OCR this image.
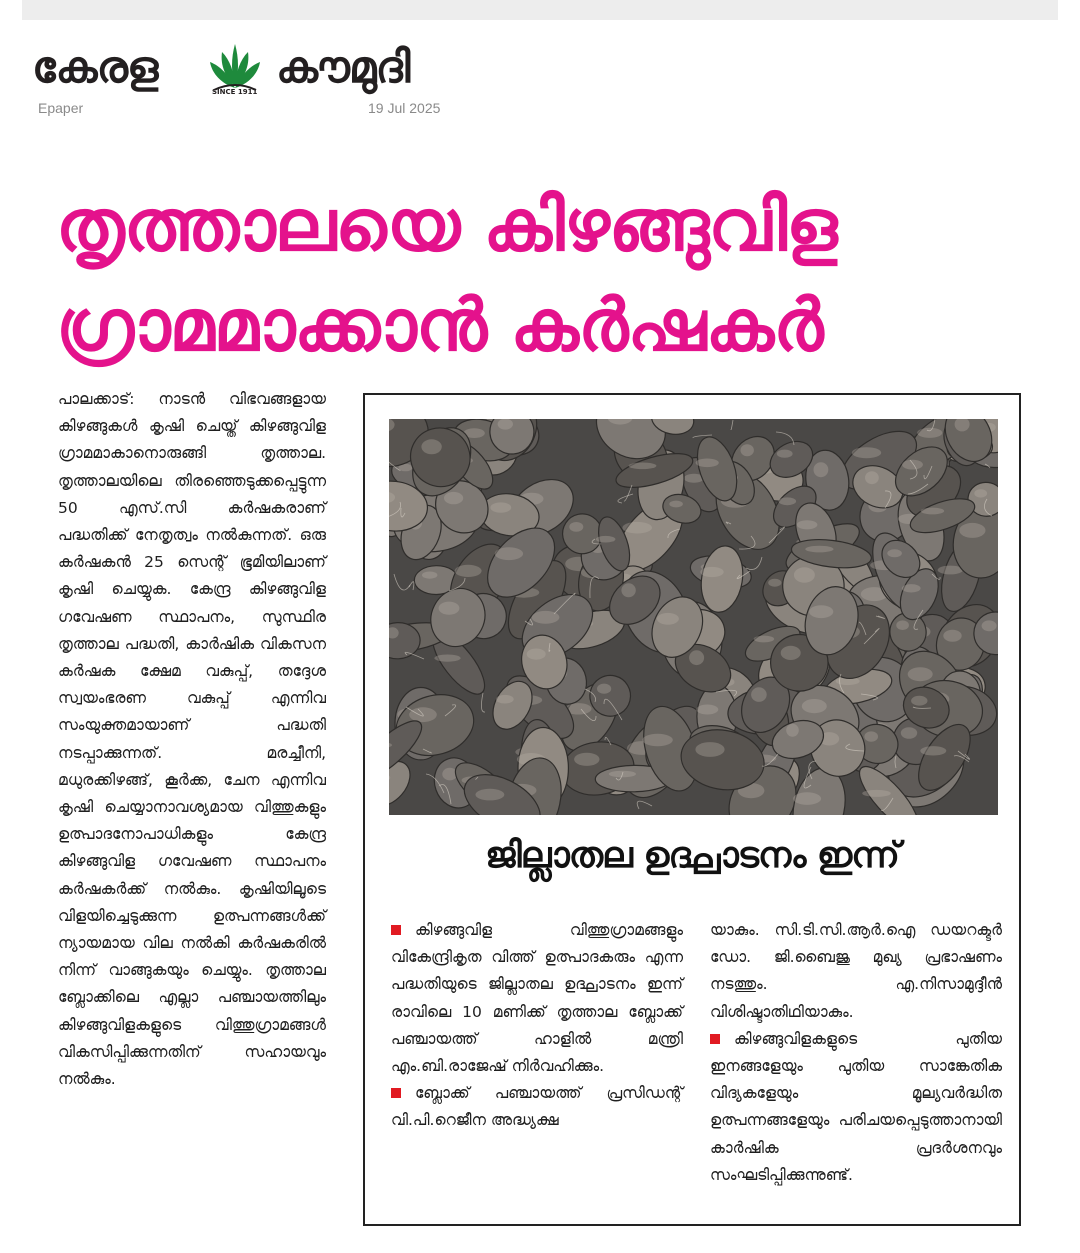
കേരള	SINCE 1911 കൗമുദി
Epaper	19 Jul 2025
തൃത്താലയെ കിഴങ്ങുവിള
ഗ്രാമമാക്കാൻ കർഷകർ
പാലക്കാട്: നാടൻ വിഭവങ്ങളായ കിഴങ്ങുകൾ കൃഷി ചെയ്ത് കിഴങ്ങുവിള ഗ്രാമമാകാനൊരുങ്ങി തൃത്താല. തൃത്താലയിലെ തിരഞ്ഞെടുക്കപ്പെട്ടുന്ന 50 എസ്.സി കർഷകരാണ് പദ്ധതിക്ക് നേതൃത്വം നൽകുന്നത്. ഒരു കർഷകൻ 25 സെന്റ് ഭൂമിയിലാണ് കൃഷി ചെയ്യുക. കേന്ദ്ര കിഴങ്ങുവിള ഗവേഷണ സ്ഥാപനം, സുസ്ഥിര തൃത്താല പദ്ധതി, കാർഷിക വികസന കർഷക ക്ഷേമ വകുപ്പ്, തദ്ദേശ സ്വയംഭരണ വകുപ്പ് എന്നിവ സംയുക്തമായാണ് പദ്ധതി നടപ്പാക്കുന്നത്. മരച്ചീനി, മധുരക്കിഴങ്ങ്, കൂർക്ക, ചേന എന്നിവ കൃഷി ചെയ്യാനാവശ്യമായ വിത്തുകളും ഉത്പാദനോപാധികളും കേന്ദ്ര കിഴങ്ങുവിള ഗവേഷണ സ്ഥാപനം കർഷകർക്ക് നൽകും. കൃഷിയിലൂടെ വിളയിച്ചെടുക്കുന്ന ഉത്പന്നങ്ങൾക്ക് ന്യായമായ വില നൽകി കർഷകരിൽ നിന്ന് വാങ്ങുകയും ചെയ്യും. തൃത്താല ബ്ലോക്കിലെ എല്ലാ പഞ്ചായത്തിലും കിഴങ്ങുവിളകളുടെ വിത്തുഗ്രാമങ്ങൾ വികസിപ്പിക്കുന്നതിന് സഹായവും നൽകും.
ജില്ലാതല ഉദ്ഘാടനം ഇന്ന്
കിഴങ്ങുവിള വിത്തുഗ്രാമങ്ങളും വികേന്ദ്രികൃത വിത്ത് ഉത്പാദകരും എന്ന പദ്ധതിയുടെ ജില്ലാതല ഉദ്ഘാടനം ഇന്ന് രാവിലെ 10 മണിക്ക് തൃത്താല ബ്ലോക്ക് പഞ്ചായത്ത് ഹാളിൽ മന്ത്രി എം.ബി.രാജേഷ് നിർവഹിക്കും.
ബ്ലോക്ക് പഞ്ചായത്ത് പ്രസിഡന്റ് വി.പി.റെജീന അദ്ധ്യക്ഷ
യാകും. സി.ടി.സി.ആർ.ഐ ഡയറക്ടർ ഡോ. ജി.ബൈജു മുഖ്യ പ്രഭാഷണം നടത്തും. എ.നിസാമുദ്ദീൻ വിശിഷ്ടാതിഥിയാകും.
കിഴങ്ങുവിളകളുടെ പുതിയ ഇനങ്ങളേയും പുതിയ സാങ്കേതിക വിദ്യകളേയും മൂല്യവർദ്ധിത ഉത്പന്നങ്ങളേയും പരിചയപ്പെടുത്താനായി കാർഷിക പ്രദർശനവും സംഘടിപ്പിക്കുന്നുണ്ട്.
